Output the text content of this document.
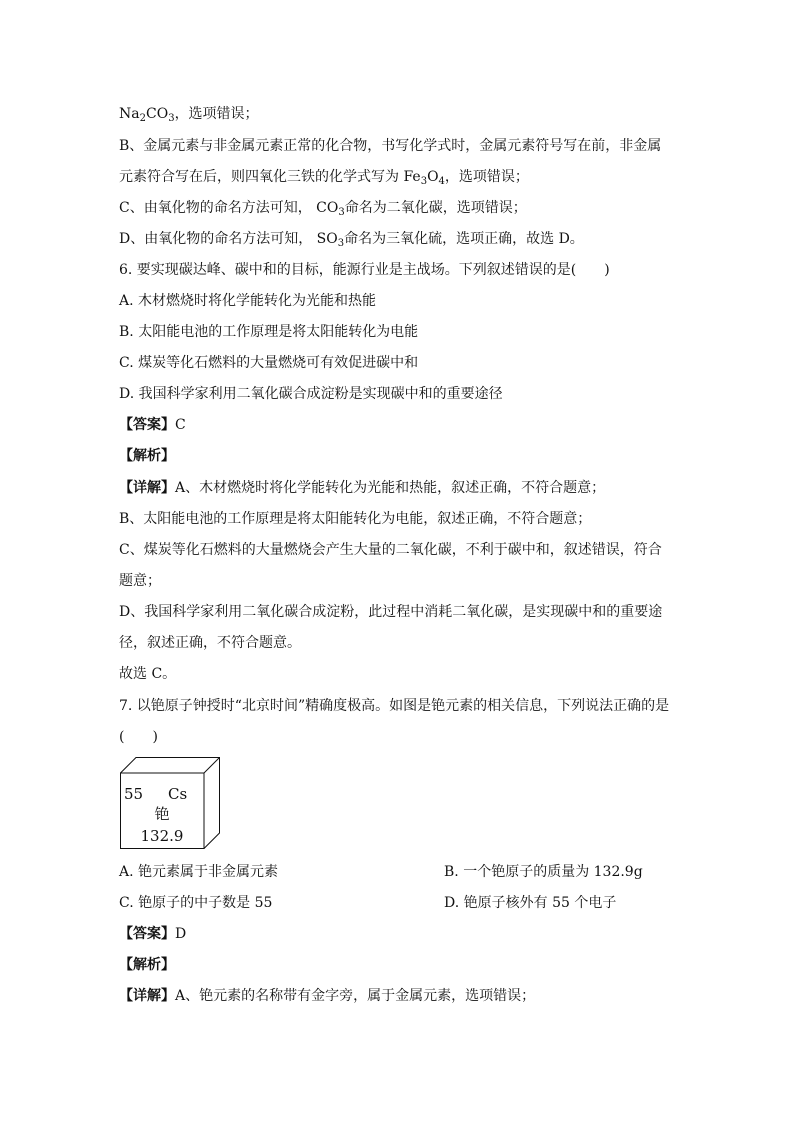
$Na_2CO_3$，选项错误；
B、金属元素与非金属元素正常的化合物，书写化学式时，金属元素符号写在前，非金属
元素符合写在后，则四氧化三铁的化学式写为 $Fe_3O_4$，选项错误；
C、由氧化物的命名方法可知， $CO_3$命名为二氧化碳，选项错误；
D、由氧化物的命名方法可知， $SO_3$命名为三氧化硫，选项正确，故选 D。
6. 要实现碳达峰、碳中和的目标，能源行业是主战场。下列叙述错误的是(　　)
A. 木材燃烧时将化学能转化为光能和热能
B. 太阳能电池的工作原理是将太阳能转化为电能
C. 煤炭等化石燃料的大量燃烧可有效促进碳中和
D. 我国科学家利用二氧化碳合成淀粉是实现碳中和的重要途径
【答案】C
【解析】
【详解】A、木材燃烧时将化学能转化为光能和热能，叙述正确，不符合题意；
B、太阳能电池的工作原理是将太阳能转化为电能，叙述正确，不符合题意；
C、煤炭等化石燃料的大量燃烧会产生大量的二氧化碳，不利于碳中和，叙述错误，符合
题意；
D、我国科学家利用二氧化碳合成淀粉，此过程中消耗二氧化碳，是实现碳中和的重要途
径，叙述正确，不符合题意。
故选 C。
7. 以铯原子钟授时“北京时间”精确度极高。如图是铯元素的相关信息，下列说法正确的是
(　　)
55 Cs
铯
132.9
A. 铯元素属于非金属元素	B. 一个铯原子的质量为 132.9g
C. 铯原子的中子数是 55	D. 铯原子核外有 55 个电子
【答案】D
【解析】
【详解】A、铯元素的名称带有金字旁，属于金属元素，选项错误；
